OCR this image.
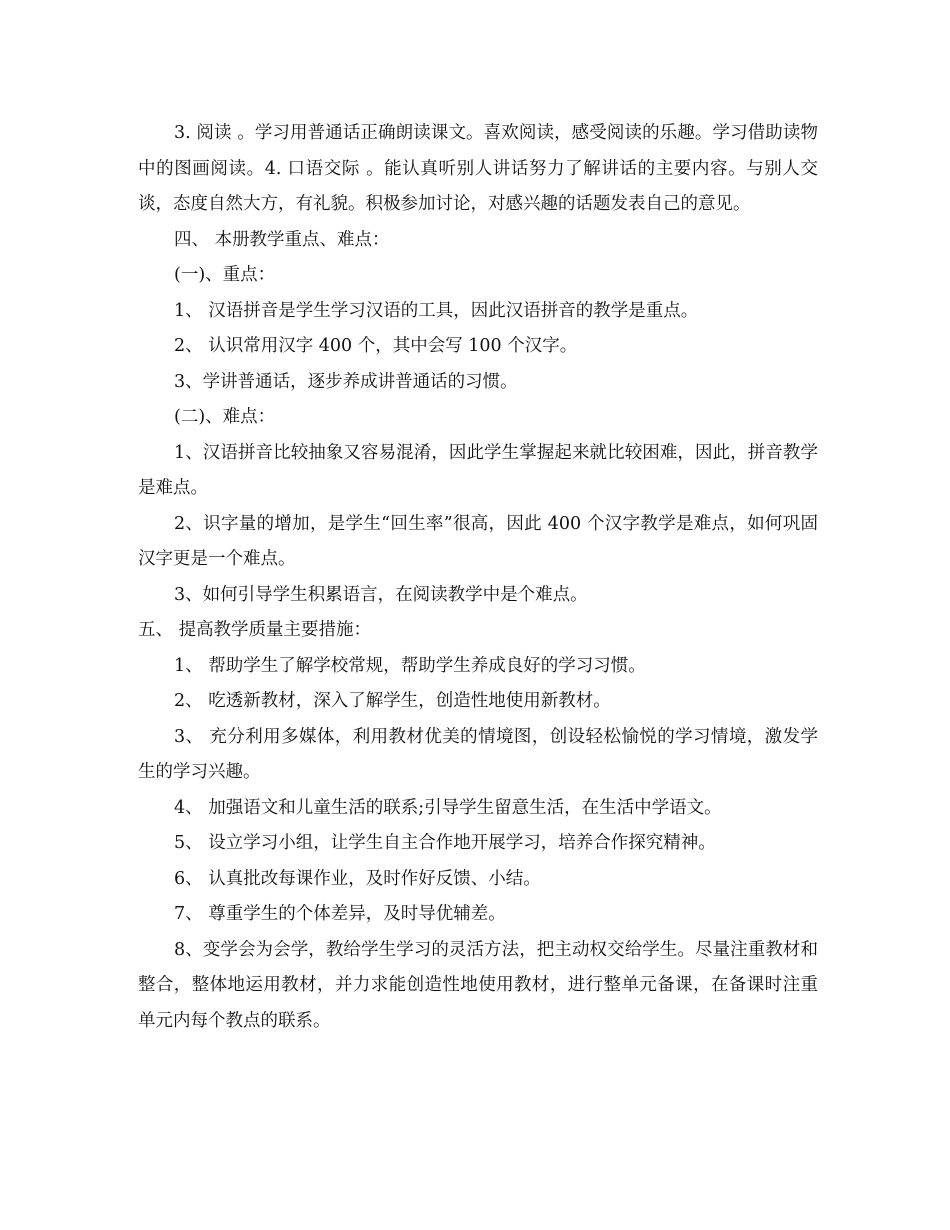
3. 阅读 。学习用普通话正确朗读课文。喜欢阅读，感受阅读的乐趣。学习借助读物中的图画阅读。4. 口语交际 。能认真听别人讲话努力了解讲话的主要内容。与别人交谈，态度自然大方，有礼貌。积极参加讨论，对感兴趣的话题发表自己的意见。

四、 本册教学重点、难点：

(一)、重点：

1、 汉语拼音是学生学习汉语的工具，因此汉语拼音的教学是重点。

2、 认识常用汉字 400 个，其中会写 100 个汉字。

3、学讲普通话，逐步养成讲普通话的习惯。

(二)、难点：

1、汉语拼音比较抽象又容易混淆，因此学生掌握起来就比较困难，因此，拼音教学是难点。

2、识字量的增加，是学生“回生率”很高，因此 400 个汉字教学是难点，如何巩固汉字更是一个难点。

3、如何引导学生积累语言，在阅读教学中是个难点。

五、 提高教学质量主要措施：

1、 帮助学生了解学校常规，帮助学生养成良好的学习习惯。

2、 吃透新教材，深入了解学生，创造性地使用新教材。

3、 充分利用多媒体，利用教材优美的情境图，创设轻松愉悦的学习情境，激发学生的学习兴趣。

4、 加强语文和儿童生活的联系;引导学生留意生活，在生活中学语文。

5、 设立学习小组，让学生自主合作地开展学习，培养合作探究精神。

6、 认真批改每课作业，及时作好反馈、小结。

7、 尊重学生的个体差异，及时导优辅差。

8、变学会为会学，教给学生学习的灵活方法，把主动权交给学生。尽量注重教材和整合，整体地运用教材，并力求能创造性地使用教材，进行整单元备课，在备课时注重单元内每个教点的联系。
